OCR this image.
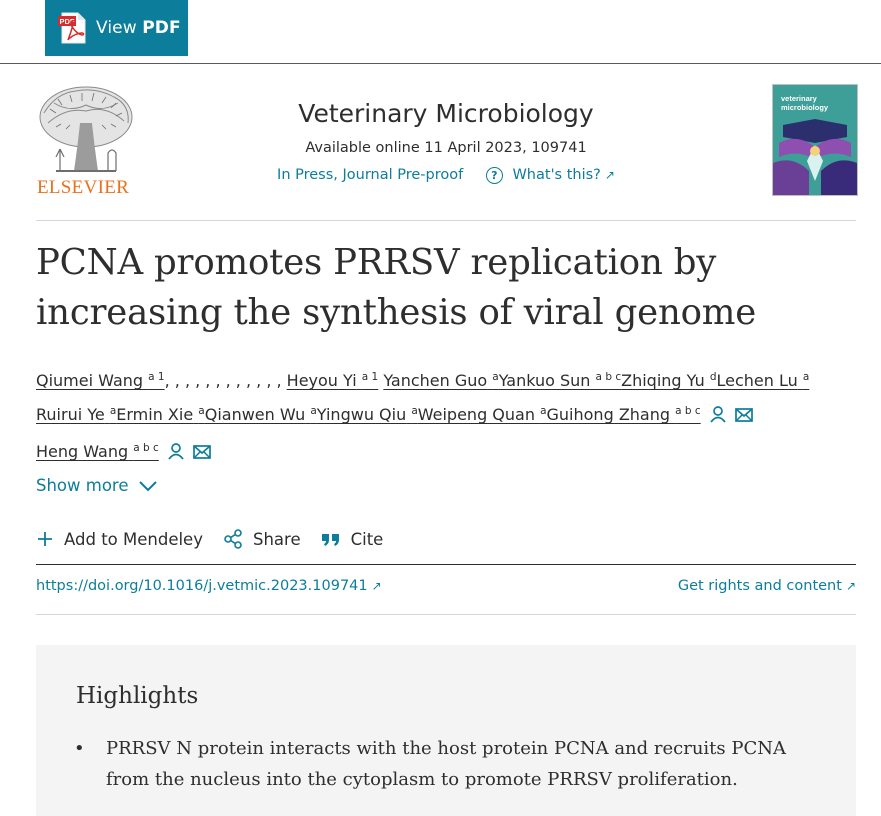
PDF View PDF
ELSEVIER
Veterinary Microbiology
Available online 11 April 2023, 109741
In Press, Journal Pre-proof	? What's this? ↗
veterinary
microbiology
PCNA promotes PRRSV replication by increasing the synthesis of viral genome
Qiumei Wang $^{a 1}$, , , , , , , , , , , , Heyou Yi $^{a 1}$ Yanchen Guo $^a$Yankuo Sun $^{a b c}$Zhiqing Yu $^d$Lechen Lu $^a$ Ruirui Ye $^a$Ermin Xie $^a$Qianwen Wu $^a$Yingwu Qiu $^a$Weipeng Quan $^a$Guihong Zhang $^{a b c}$
Heng Wang $^{a b c}$
Show more
Add to Mendeley	Share	Cite
https://doi.org/10.1016/j.vetmic.2023.109741 ↗	Get rights and content ↗
Highlights
• PRRSV N protein interacts with the host protein PCNA and recruits PCNA from the nucleus into the cytoplasm to promote PRRSV proliferation.
